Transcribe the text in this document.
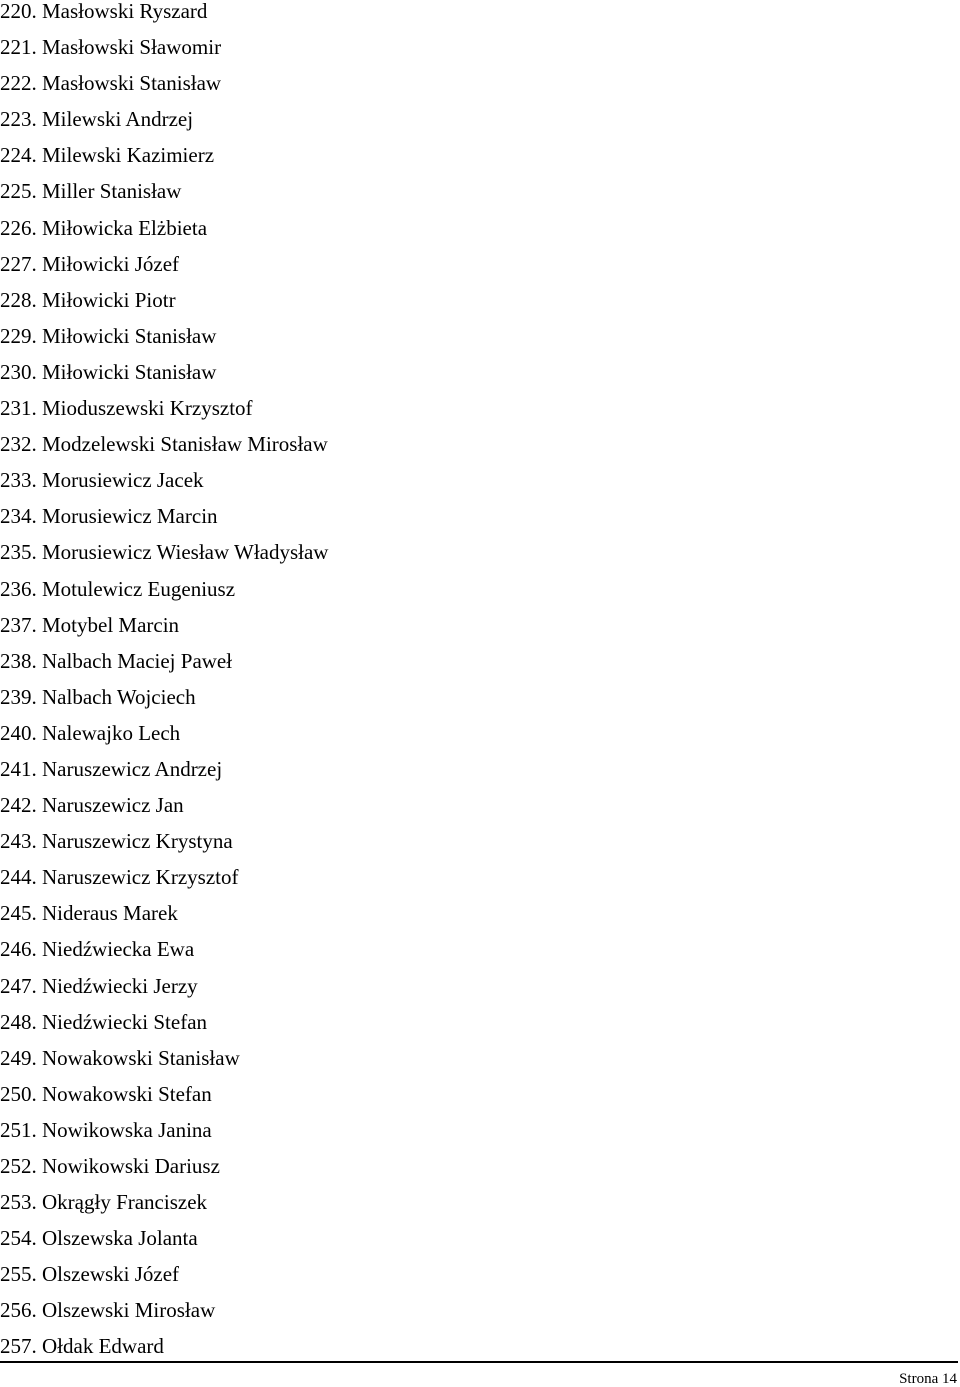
220. Masłowski Ryszard
221. Masłowski Sławomir
222. Masłowski Stanisław
223. Milewski Andrzej
224. Milewski Kazimierz
225. Miller Stanisław
226. Miłowicka Elżbieta
227. Miłowicki Józef
228. Miłowicki Piotr
229. Miłowicki Stanisław
230. Miłowicki Stanisław
231. Mioduszewski Krzysztof
232. Modzelewski Stanisław Mirosław
233. Morusiewicz Jacek
234. Morusiewicz Marcin
235. Morusiewicz Wiesław Władysław
236. Motulewicz Eugeniusz
237. Motybel Marcin
238. Nalbach Maciej Paweł
239. Nalbach Wojciech
240. Nalewajko Lech
241. Naruszewicz Andrzej
242. Naruszewicz Jan
243. Naruszewicz Krystyna
244. Naruszewicz Krzysztof
245. Nideraus Marek
246. Niedźwiecka Ewa
247. Niedźwiecki Jerzy
248. Niedźwiecki Stefan
249. Nowakowski Stanisław
250. Nowakowski Stefan
251. Nowikowska Janina
252. Nowikowski Dariusz
253. Okrągły Franciszek
254. Olszewska Jolanta
255. Olszewski Józef
256. Olszewski Mirosław
257. Ołdak Edward
Strona 14
